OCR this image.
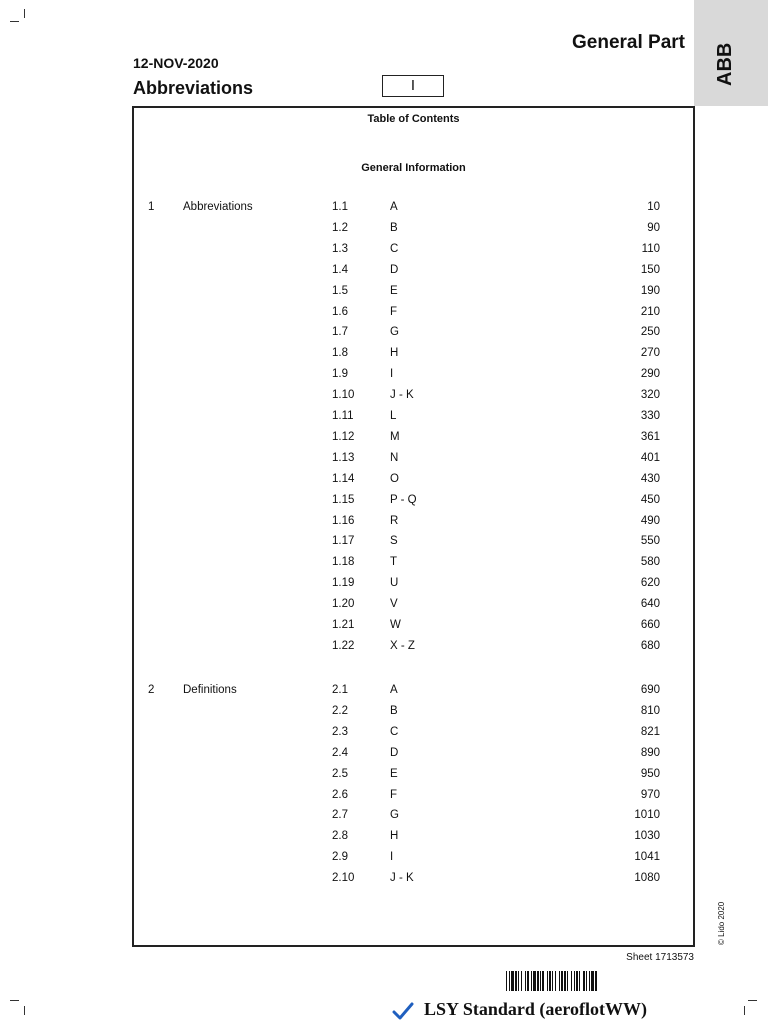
12-NOV-2020
Abbreviations	I
General Part
ABB
Table of Contents
General Information
1 Abbreviations	1.1	A	10
1.2	B	90
1.3	C	110
1.4	D	150
1.5	E	190
1.6	F	210
1.7	G	250
1.8	H	270
1.9	I	290
1.10	J - K	320
1.11	L	330
1.12	M	361
1.13	N	401
1.14	O	430
1.15	P - Q	450
1.16	R	490
1.17	S	550
1.18	T	580
1.19	U	620
1.20	V	640
1.21	W	660
1.22	X - Z	680
2 Definitions	2.1	A	690
2.2	B	810
2.3	C	821
2.4	D	890
2.5	E	950
2.6	F	970
2.7	G	1010
2.8	H	1030
2.9	I	1041
2.10	J - K	1080
© Lido 2020
Sheet 1713573
LSY Standard (aeroflotWW)
